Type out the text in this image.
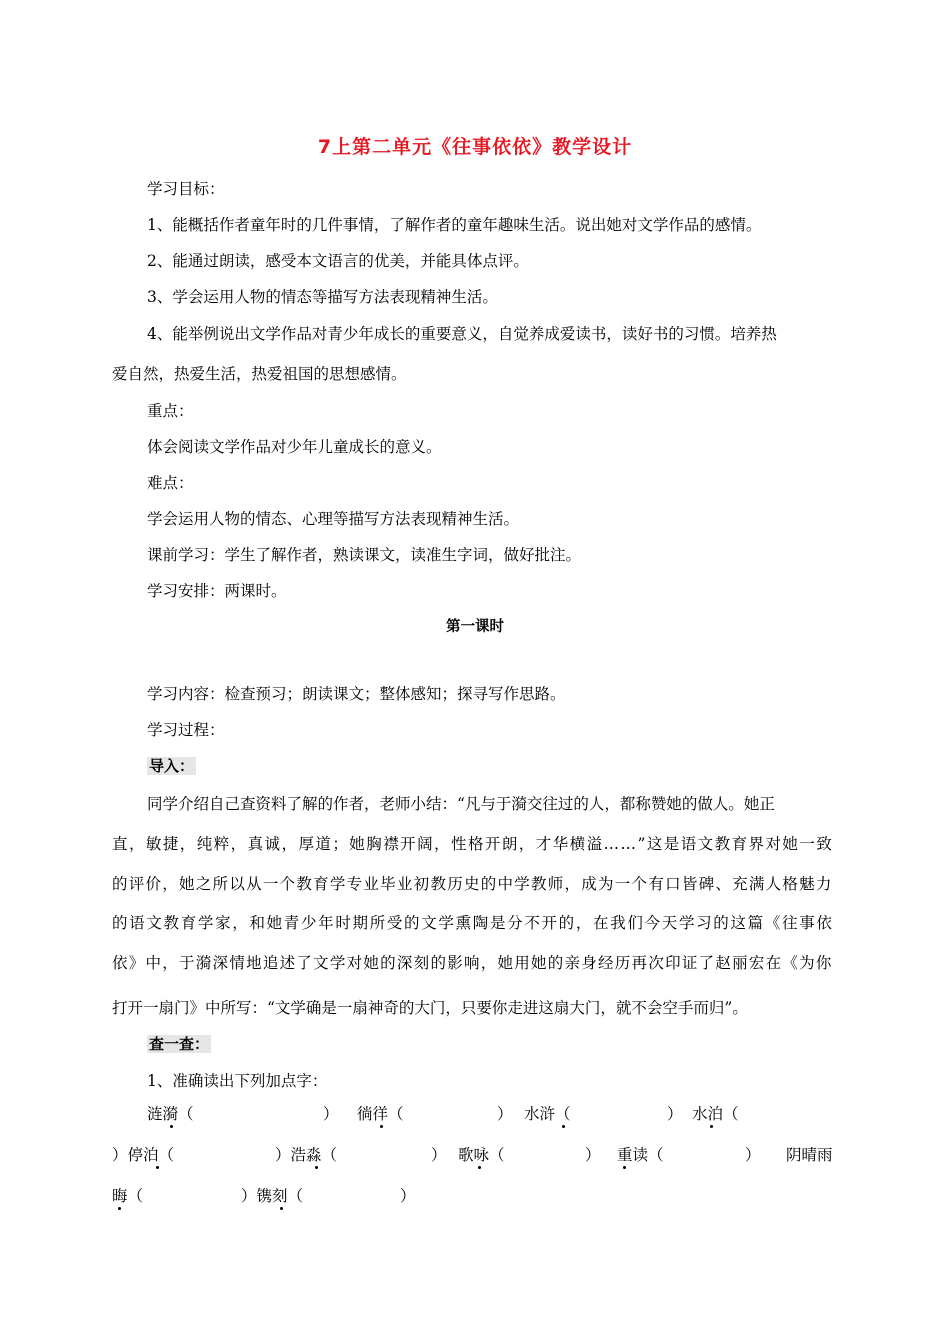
7上第二单元《往事依依》教学设计
学习目标：
1、能概括作者童年时的几件事情，了解作者的童年趣味生活。说出她对文学作品的感情。
2、能通过朗读，感受本文语言的优美，并能具体点评。
3、学会运用人物的情态等描写方法表现精神生活。
4、能举例说出文学作品对青少年成长的重要意义，自觉养成爱读书，读好书的习惯。培养热
爱自然，热爱生活，热爱祖国的思想感情。
重点：
体会阅读文学作品对少年儿童成长的意义。
难点：
学会运用人物的情态、心理等描写方法表现精神生活。
课前学习：学生了解作者，熟读课文，读准生字词，做好批注。
学习安排：两课时。
第一课时
学习内容：检查预习；朗读课文；整体感知；探寻写作思路。
学习过程：
导入：
同学介绍自己查资料了解的作者，老师小结：“凡与于漪交往过的人，都称赞她的做人。她正
直，敏捷，纯粹，真诚，厚道；她胸襟开阔，性格开朗，才华横溢……”这是语文教育界对她一致
的评价，她之所以从一个教育学专业毕业初教历史的中学教师，成为一个有口皆碑、充满人格魅力
的语文教育学家，和她青少年时期所受的文学熏陶是分不开的，在我们今天学习的这篇《往事依
依》中，于漪深情地追述了文学对她的深刻的影响，她用她的亲身经历再次印证了赵丽宏在《为你
打开一扇门》中所写：“文学确是一扇神奇的大门，只要你走进这扇大门，就不会空手而归”。
查一查：
1、准确读出下列加点字：
涟漪（	） 徜徉（	） 水浒（	） 水泊（
）停泊（	）浩淼（	） 歌咏（	） 重读（	） 阴晴雨
晦（	）镌刻（	）
